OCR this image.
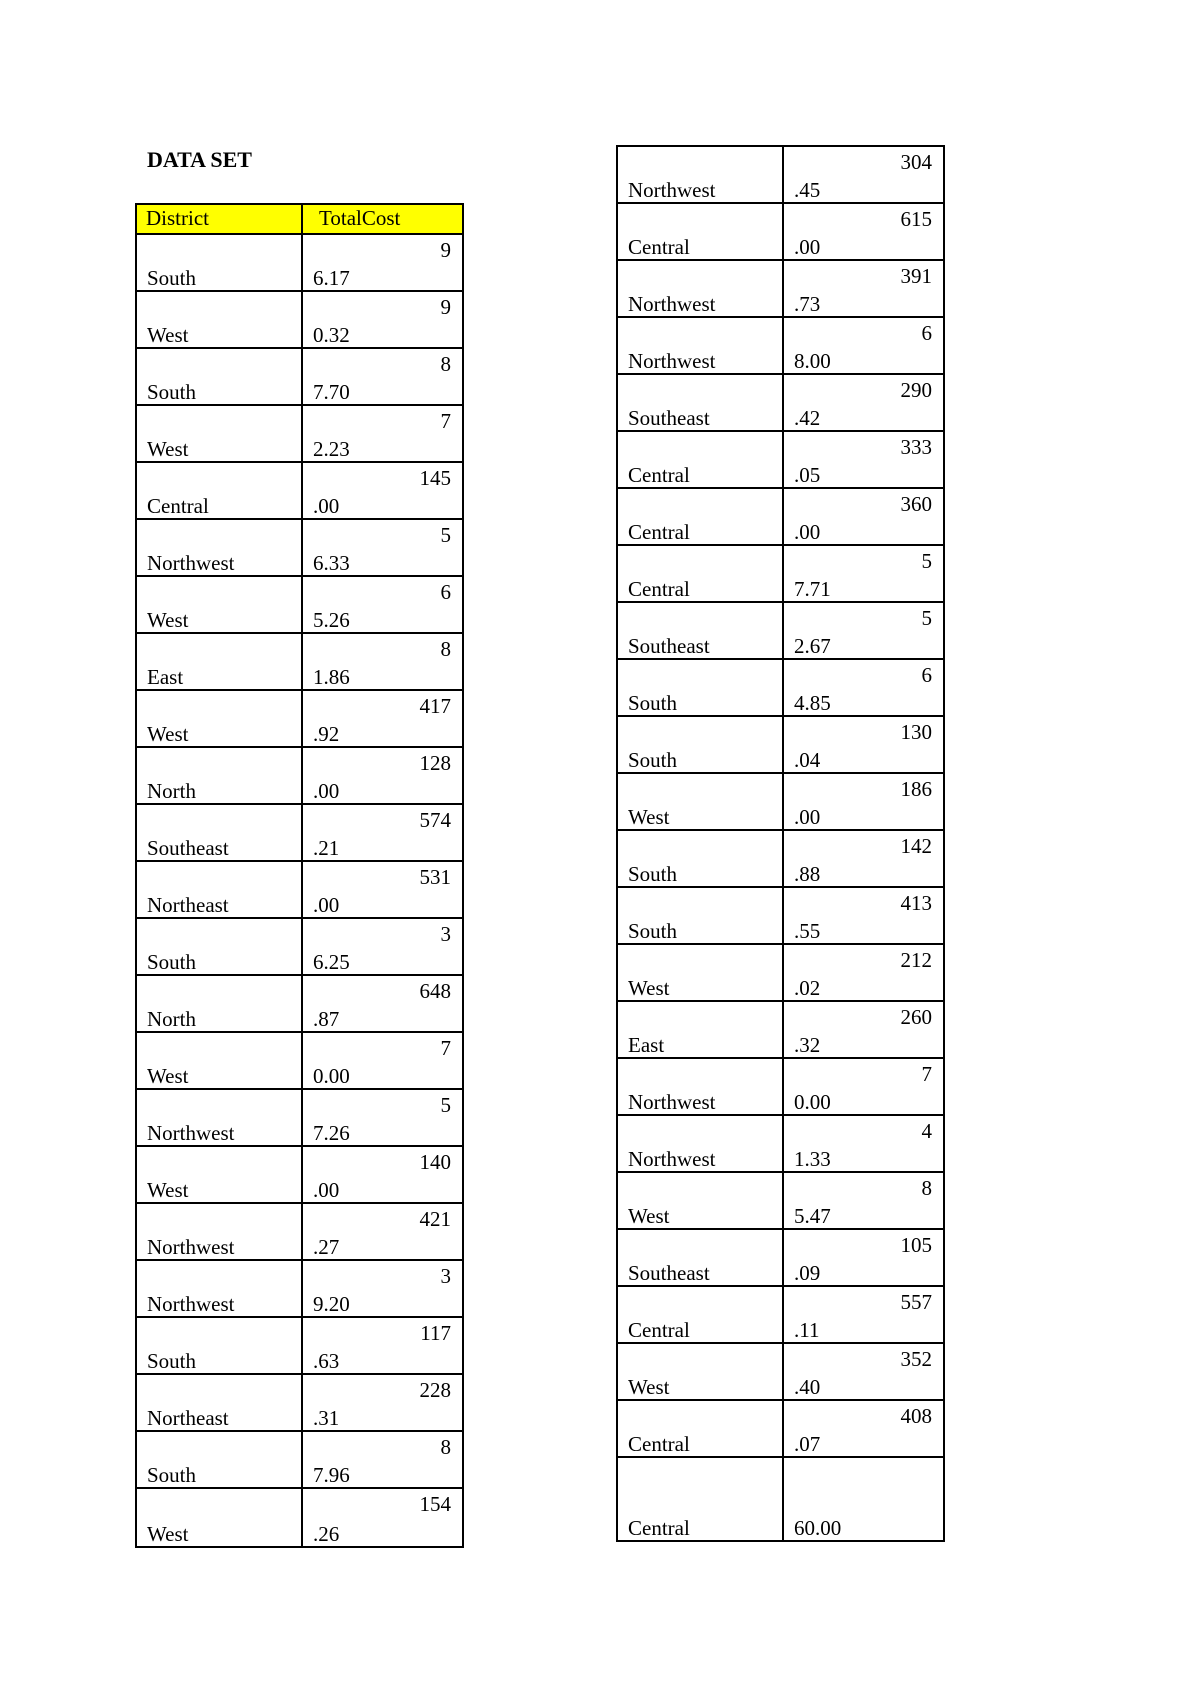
DATA SET
District	TotalCost
South
9
6.17
West
9
0.32
South
8
7.70
West
7
2.23
Central
145
.00
Northwest
5
6.33
West
6
5.26
East
8
1.86
West
417
.92
North
128
.00
Southeast
574
.21
Northeast
531
.00
South
3
6.25
North
648
.87
West
7
0.00
Northwest
5
7.26
West
140
.00
Northwest
421
.27
Northwest
3
9.20
South
117
.63
Northeast
228
.31
South
8
7.96
West
154
.26
Northwest
304
.45
Central
615
.00
Northwest
391
.73
Northwest
6
8.00
Southeast
290
.42
Central
333
.05
Central
360
.00
Central
5
7.71
Southeast
5
2.67
South
6
4.85
South
130
.04
West
186
.00
South
142
.88
South
413
.55
West
212
.02
East
260
.32
Northwest
7
0.00
Northwest
4
1.33
West
8
5.47
Southeast
105
.09
Central
557
.11
West
352
.40
Central
408
.07
Central	60.00
